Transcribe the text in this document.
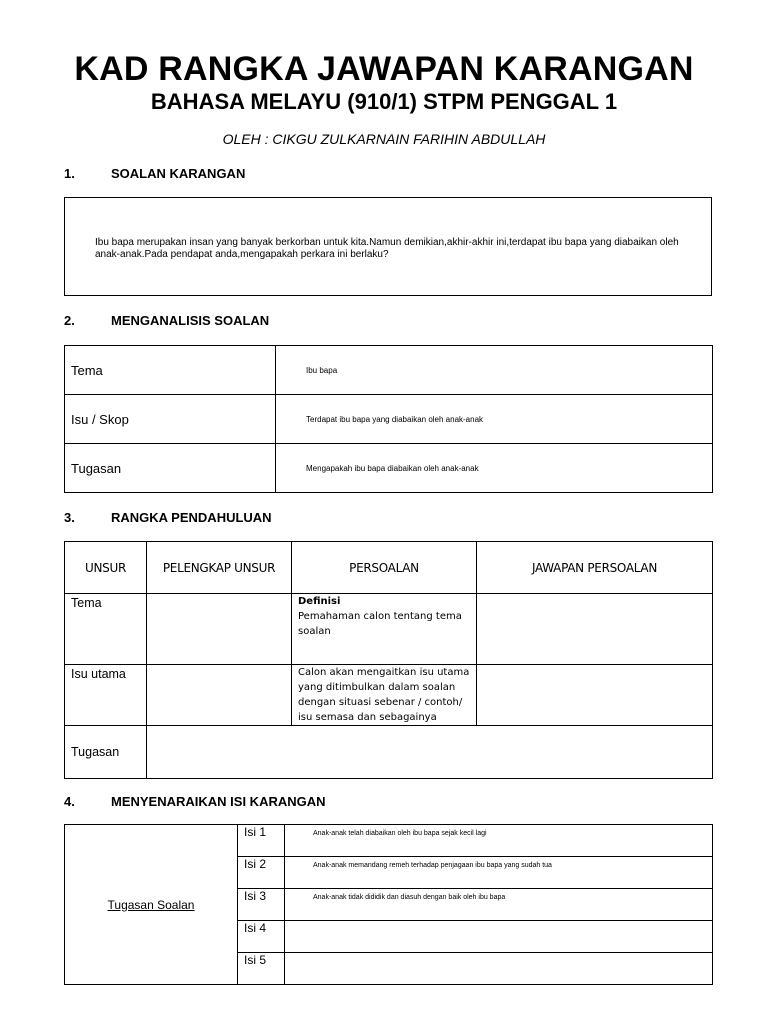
KAD RANGKA JAWAPAN KARANGAN
BAHASA MELAYU (910/1) STPM PENGGAL 1
OLEH : CIKGU ZULKARNAIN FARIHIN ABDULLAH
1.	SOALAN KARANGAN
Ibu bapa merupakan insan yang banyak berkorban untuk kita.Namun demikian,akhir-akhir ini,terdapat ibu bapa yang diabaikan oleh anak-anak.Pada pendapat anda,mengapakah perkara ini berlaku?
2.	MENGANALISIS SOALAN
Tema	Ibu bapa
Isu / Skop	Terdapat ibu bapa yang diabaikan oleh anak-anak
Tugasan	Mengapakah ibu bapa diabaikan oleh anak-anak
3.	RANGKA PENDAHULUAN
UNSUR	PELENGKAP UNSUR	PERSOALAN	JAWAPAN PERSOALAN
Tema		Definisi
Pemahaman calon tentang tema soalan	
Isu utama		Calon akan mengaitkan isu utama yang ditimbulkan dalam soalan dengan situasi sebenar / contoh/ isu semasa dan sebagainya	
Tugasan			
4.	MENYENARAIKAN ISI KARANGAN
Tugasan Soalan	Isi 1	Anak-anak telah diabaikan oleh ibu bapa sejak kecil lagi
	Isi 2	Anak-anak memandang remeh terhadap penjagaan ibu bapa yang sudah tua
	Isi 3	Anak-anak tidak dididik dan diasuh dengan baik oleh ibu bapa
	Isi 4	
	Isi 5	
